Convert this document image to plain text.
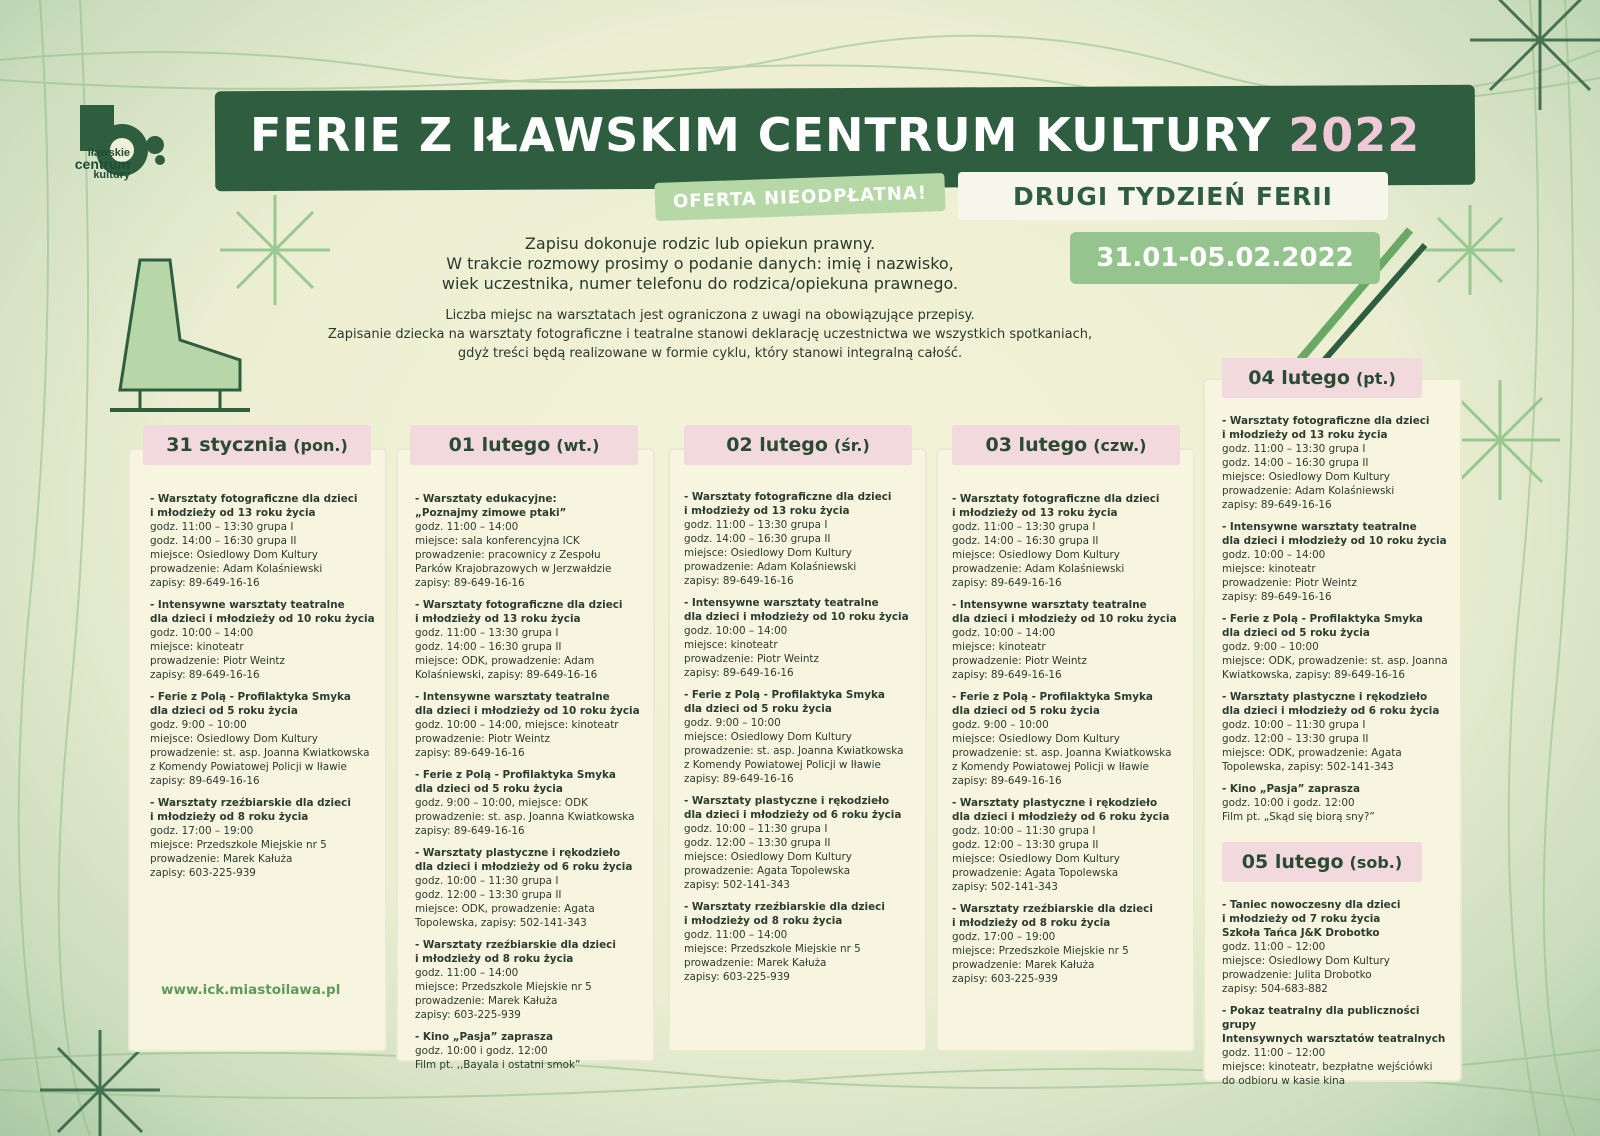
iławskie
centrum
kultury
FERIE Z IŁAWSKIM CENTRUM KULTURY 2022
OFERTA NIEODPŁATNA!	DRUGI TYDZIEŃ FERII
31.01-05.02.2022
Zapisu dokonuje rodzic lub opiekun prawny.
W trakcie rozmowy prosimy o podanie danych: imię i nazwisko,
wiek uczestnika, numer telefonu do rodzica/opiekuna prawnego.
Liczba miejsc na warsztatach jest ograniczona z uwagi na obowiązujące przepisy.
Zapisanie dziecka na warsztaty fotograficzne i teatralne stanowi deklarację uczestnictwa we wszystkich spotkaniach,
gdyż treści będą realizowane w formie cyklu, który stanowi integralną całość.
31 stycznia (pon.)	01 lutego (wt.)	02 lutego (śr.)	03 lutego (czw.)
04 lutego (pt.)
05 lutego (sob.)
- Warsztaty fotograficzne dla dzieci
i młodzieży od 13 roku życia
godz. 11:00 – 13:30 grupa I
godz. 14:00 – 16:30 grupa II
miejsce: Osiedlowy Dom Kultury
prowadzenie: Adam Kolaśniewski
zapisy: 89-649-16-16
- Intensywne warsztaty teatralne
dla dzieci i młodzieży od 10 roku życia
godz. 10:00 – 14:00
miejsce: kinoteatr
prowadzenie: Piotr Weintz
zapisy: 89-649-16-16
- Ferie z Polą - Profilaktyka Smyka
dla dzieci od 5 roku życia
godz. 9:00 – 10:00
miejsce: Osiedlowy Dom Kultury
prowadzenie: st. asp. Joanna Kwiatkowska
z Komendy Powiatowej Policji w Iławie
zapisy: 89-649-16-16
- Warsztaty rzeźbiarskie dla dzieci
i młodzieży od 8 roku życia
godz. 17:00 – 19:00
miejsce: Przedszkole Miejskie nr 5
prowadzenie: Marek Kałuża
zapisy: 603-225-939
- Warsztaty edukacyjne:
„Poznajmy zimowe ptaki”
godz. 11:00 – 14:00
miejsce: sala konferencyjna ICK
prowadzenie: pracownicy z Zespołu
Parków Krajobrazowych w Jerzwałdzie
zapisy: 89-649-16-16
- Warsztaty fotograficzne dla dzieci
i młodzieży od 13 roku życia
godz. 11:00 – 13:30 grupa I
godz. 14:00 – 16:30 grupa II
miejsce: ODK, prowadzenie: Adam
Kolaśniewski, zapisy: 89-649-16-16
- Intensywne warsztaty teatralne
dla dzieci i młodzieży od 10 roku życia
godz. 10:00 – 14:00, miejsce: kinoteatr
prowadzenie: Piotr Weintz
zapisy: 89-649-16-16
- Ferie z Polą - Profilaktyka Smyka
dla dzieci od 5 roku życia
godz. 9:00 – 10:00, miejsce: ODK
prowadzenie: st. asp. Joanna Kwiatkowska
zapisy: 89-649-16-16
- Warsztaty plastyczne i rękodzieło
dla dzieci i młodzieży od 6 roku życia
godz. 10:00 – 11:30 grupa I
godz. 12:00 – 13:30 grupa II
miejsce: ODK, prowadzenie: Agata
Topolewska, zapisy: 502-141-343
- Warsztaty rzeźbiarskie dla dzieci
i młodzieży od 8 roku życia
godz. 11:00 – 14:00
miejsce: Przedszkole Miejskie nr 5
prowadzenie: Marek Kałuża
zapisy: 603-225-939
- Kino „Pasja” zaprasza
godz. 10:00 i godz. 12:00
Film pt. ,,Bayala i ostatni smok”
- Warsztaty fotograficzne dla dzieci
i młodzieży od 13 roku życia
godz. 11:00 – 13:30 grupa I
godz. 14:00 – 16:30 grupa II
miejsce: Osiedlowy Dom Kultury
prowadzenie: Adam Kolaśniewski
zapisy: 89-649-16-16
- Intensywne warsztaty teatralne
dla dzieci i młodzieży od 10 roku życia
godz. 10:00 – 14:00
miejsce: kinoteatr
prowadzenie: Piotr Weintz
zapisy: 89-649-16-16
- Ferie z Polą - Profilaktyka Smyka
dla dzieci od 5 roku życia
godz. 9:00 – 10:00
miejsce: Osiedlowy Dom Kultury
prowadzenie: st. asp. Joanna Kwiatkowska
z Komendy Powiatowej Policji w Iławie
zapisy: 89-649-16-16
- Warsztaty plastyczne i rękodzieło
dla dzieci i młodzieży od 6 roku życia
godz. 10:00 – 11:30 grupa I
godz. 12:00 – 13:30 grupa II
miejsce: Osiedlowy Dom Kultury
prowadzenie: Agata Topolewska
zapisy: 502-141-343
- Warsztaty rzeźbiarskie dla dzieci
i młodzieży od 8 roku życia
godz. 11:00 – 14:00
miejsce: Przedszkole Miejskie nr 5
prowadzenie: Marek Kałuża
zapisy: 603-225-939
- Warsztaty fotograficzne dla dzieci
i młodzieży od 13 roku życia
godz. 11:00 – 13:30 grupa I
godz. 14:00 – 16:30 grupa II
miejsce: Osiedlowy Dom Kultury
prowadzenie: Adam Kolaśniewski
zapisy: 89-649-16-16
- Intensywne warsztaty teatralne
dla dzieci i młodzieży od 10 roku życia
godz. 10:00 – 14:00
miejsce: kinoteatr
prowadzenie: Piotr Weintz
zapisy: 89-649-16-16
- Ferie z Polą - Profilaktyka Smyka
dla dzieci od 5 roku życia
godz. 9:00 – 10:00
miejsce: Osiedlowy Dom Kultury
prowadzenie: st. asp. Joanna Kwiatkowska
z Komendy Powiatowej Policji w Iławie
zapisy: 89-649-16-16
- Warsztaty plastyczne i rękodzieło
dla dzieci i młodzieży od 6 roku życia
godz. 10:00 – 11:30 grupa I
godz. 12:00 – 13:30 grupa II
miejsce: Osiedlowy Dom Kultury
prowadzenie: Agata Topolewska
zapisy: 502-141-343
- Warsztaty rzeźbiarskie dla dzieci
i młodzieży od 8 roku życia
godz. 17:00 – 19:00
miejsce: Przedszkole Miejskie nr 5
prowadzenie: Marek Kałuża
zapisy: 603-225-939
- Warsztaty fotograficzne dla dzieci
i młodzieży od 13 roku życia
godz. 11:00 – 13:30 grupa I
godz. 14:00 – 16:30 grupa II
miejsce: Osiedlowy Dom Kultury
prowadzenie: Adam Kolaśniewski
zapisy: 89-649-16-16
- Intensywne warsztaty teatralne
dla dzieci i młodzieży od 10 roku życia
godz. 10:00 – 14:00
miejsce: kinoteatr
prowadzenie: Piotr Weintz
zapisy: 89-649-16-16
- Ferie z Polą - Profilaktyka Smyka
dla dzieci od 5 roku życia
godz. 9:00 – 10:00
miejsce: ODK, prowadzenie: st. asp. Joanna
Kwiatkowska, zapisy: 89-649-16-16
- Warsztaty plastyczne i rękodzieło
dla dzieci i młodzieży od 6 roku życia
godz. 10:00 – 11:30 grupa I
godz. 12:00 – 13:30 grupa II
miejsce: ODK, prowadzenie: Agata
Topolewska, zapisy: 502-141-343
- Kino „Pasja” zaprasza
godz. 10:00 i godz. 12:00
Film pt. „Skąd się biorą sny?”
- Taniec nowoczesny dla dzieci
i młodzieży od 7 roku życia
Szkoła Tańca J&K Drobotko
godz. 11:00 – 12:00
miejsce: Osiedlowy Dom Kultury
prowadzenie: Julita Drobotko
zapisy: 504-683-882
- Pokaz teatralny dla publiczności grupy
Intensywnych warsztatów teatralnych
godz. 11:00 – 12:00
miejsce: kinoteatr, bezpłatne wejściówki
do odbioru w kasie kina
www.ick.miastoilawa.pl
